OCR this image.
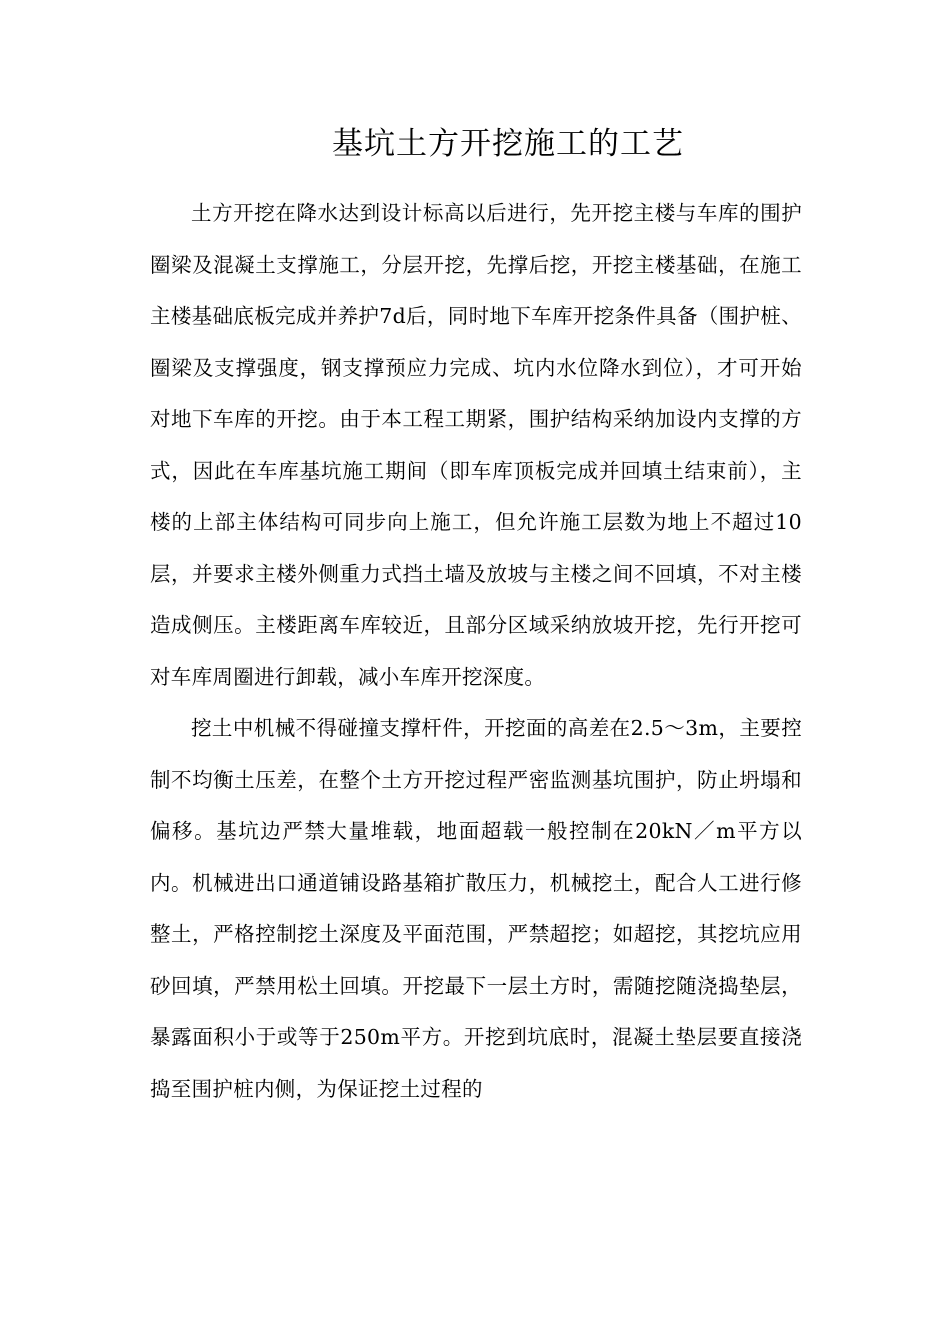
基坑土方开挖施工的工艺

土方开挖在降水达到设计标高以后进行，先开挖主楼与车库的围护圈梁及混凝土支撑施工，分层开挖，先撑后挖，开挖主楼基础，在施工主楼基础底板完成并养护7d后，同时地下车库开挖条件具备（围护桩、圈梁及支撑强度，钢支撑预应力完成、坑内水位降水到位），才可开始对地下车库的开挖。由于本工程工期紧，围护结构采纳加设内支撑的方式，因此在车库基坑施工期间（即车库顶板完成并回填土结束前），主楼的上部主体结构可同步向上施工，但允许施工层数为地上不超过10层，并要求主楼外侧重力式挡土墙及放坡与主楼之间不回填，不对主楼造成侧压。主楼距离车库较近，且部分区域采纳放坡开挖，先行开挖可对车库周圈进行卸载，减小车库开挖深度。

挖土中机械不得碰撞支撑杆件，开挖面的高差在2.5～3m，主要控制不均衡土压差，在整个土方开挖过程严密监测基坑围护，防止坍塌和偏移。基坑边严禁大量堆载，地面超载一般控制在20kN／m平方以内。机械进出口通道铺设路基箱扩散压力，机械挖土，配合人工进行修整土，严格控制挖土深度及平面范围，严禁超挖；如超挖，其挖坑应用砂回填，严禁用松土回填。开挖最下一层土方时，需随挖随浇捣垫层，暴露面积小于或等于250m平方。开挖到坑底时，混凝土垫层要直接浇捣至围护桩内侧，为保证挖土过程的
